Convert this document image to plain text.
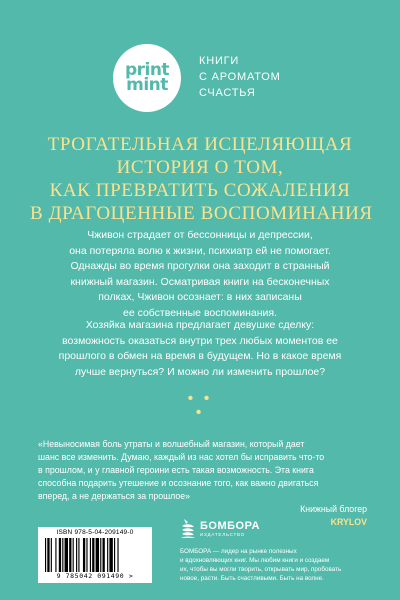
print
mint
КНИГИ
С АРОМАТОМ
СЧАСТЬЯ
ТРОГАТЕЛЬНАЯ ИСЦЕЛЯЮЩАЯ
ИСТОРИЯ О ТОМ,
КАК ПРЕВРАТИТЬ СОЖАЛЕНИЯ
В ДРАГОЦЕННЫЕ ВОСПОМИНАНИЯ
Чживон страдает от бессонницы и депрессии,
она потеряла волю к жизни, психиатр ей не помогает.
Однажды во время прогулки она заходит в странный
книжный магазин. Осматривая книги на бесконечных
полках, Чживон осознает: в них записаны
ее собственные воспоминания.
Хозяйка магазина предлагает девушке сделку:
возможность оказаться внутри трех любых моментов ее
прошлого в обмен на время в будущем. Но в какое время
лучше вернуться? И можно ли изменить прошлое?
• • •
«Невыносимая боль утраты и волшебный магазин, который дает
шанс все изменить. Думаю, каждый из нас хотел бы исправить что-то
в прошлом, и у главной героини есть такая возможность. Эта книга
способна подарить утешение и осознание того, как важно двигаться
вперед, а не держаться за прошлое»
Книжный блогер
KRYLOV
ISBN 978-5-04-209149-0
9 785042 091490 >
БОМБОРА
ИЗДАТЕЛЬСТВО
БОМБОРА — лидер на рынке полезных
и вдохновляющих книг. Мы любим книги и создаем
их, чтобы вы могли творить, открывать мир, пробовать
новое, расти. Быть счастливыми. Быть на волне.
